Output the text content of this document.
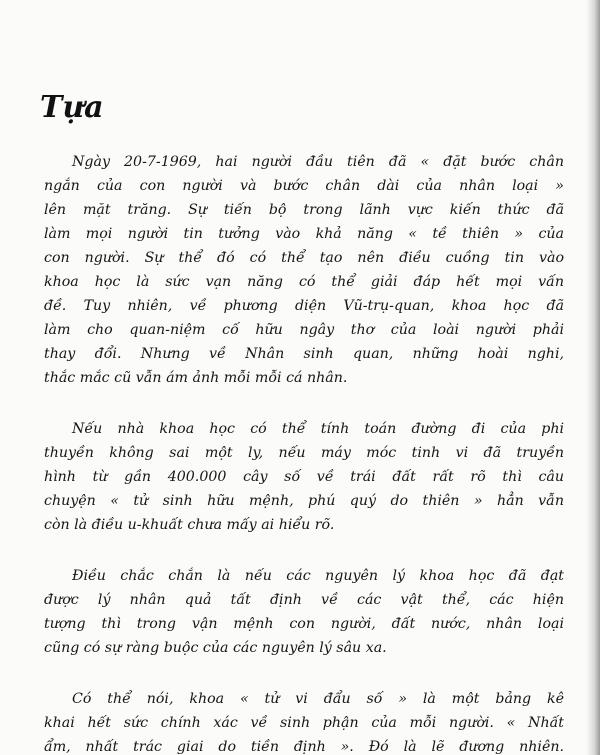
Tựa

Ngày 20-7-1969, hai người đầu tiên đã « đặt bước chân
ngắn của con người và bước chân dài của nhân loại »
lên mặt trăng. Sự tiến bộ trong lãnh vực kiến thức đã
làm mọi người tin tưởng vào khả năng « tề thiên » của
con người. Sự thể đó có thể tạo nên điều cuồng tin vào
khoa học là sức vạn năng có thể giải đáp hết mọi vấn
đề. Tuy nhiên, về phương diện Vũ-trụ-quan, khoa học đã
làm cho quan-niệm cố hữu ngây thơ của loài người phải
thay đổi. Nhưng về Nhân sinh quan, những hoài nghi,
thắc mắc cũ vẫn ám ảnh mỗi mỗi cá nhân.

Nếu nhà khoa học có thể tính toán đường đi của phi
thuyền không sai một ly, nếu máy móc tinh vi đã truyền
hình từ gần 400.000 cây số về trái đất rất rõ thì câu
chuyện « tử sinh hữu mệnh, phú quý do thiên » hẳn vẫn
còn là điều u-khuất chưa mấy ai hiểu rõ.

Điều chắc chắn là nếu các nguyên lý khoa học đã đạt
được lý nhân quả tất định về các vật thể, các hiện
tượng thì trong vận mệnh con người, đất nước, nhân loại
cũng có sự ràng buộc của các nguyên lý sâu xa.

Có thể nói, khoa « tử vi đẩu số » là một bảng kê
khai hết sức chính xác về sinh phận của mỗi người. « Nhất
ẩm, nhất trác giai do tiền định ». Đó là lẽ đương nhiên.
